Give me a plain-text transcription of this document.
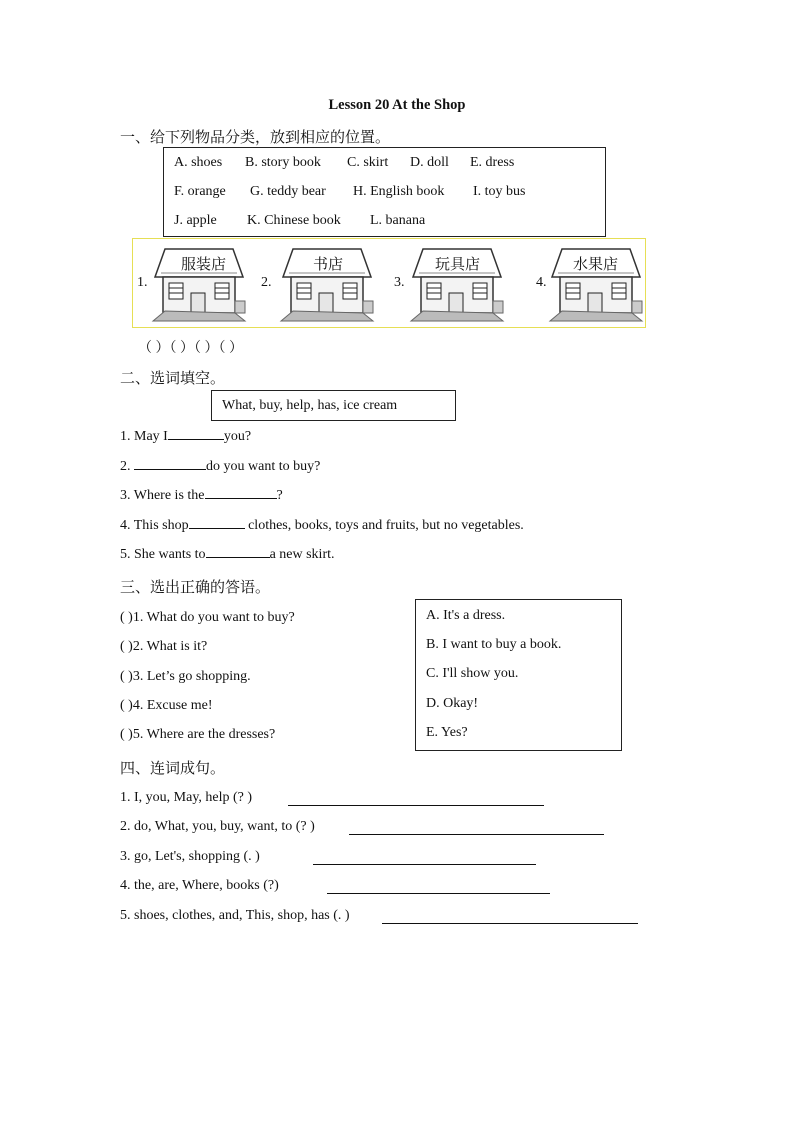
Lesson 20 At the Shop
一、给下列物品分类，放到相应的位置。
A. shoes B. story book C. skirt D. doll E. dress
F. orange G. teddy bear H. English book I. toy bus
J. apple K. Chinese book L. banana
1.
服装店
2.
书店
3.
玩具店
4.
水果店
（ ）（ ）（ ）（ ）
二、选词填空。
What, buy, help, has, ice cream
1. May I	you?
2.	do you want to buy?
3. Where is the	?
4. This shop	clothes, books, toys and fruits, but no vegetables.
5. She wants to	a new skirt.
三、选出正确的答语。
( )1. What do you want to buy?
( )2. What is it?
( )3. Let’s go shopping.
( )4. Excuse me!
( )5. Where are the dresses?
A. It's a dress.
B. I want to buy a book.
C. I'll show you.
D. Okay!
E. Yes?
四、连词成句。
1. I, you, May, help (? )
2. do, What, you, buy, want, to (? )
3. go, Let's, shopping (. )
4. the, are, Where, books (?)
5. shoes, clothes, and, This, shop, has (. )
